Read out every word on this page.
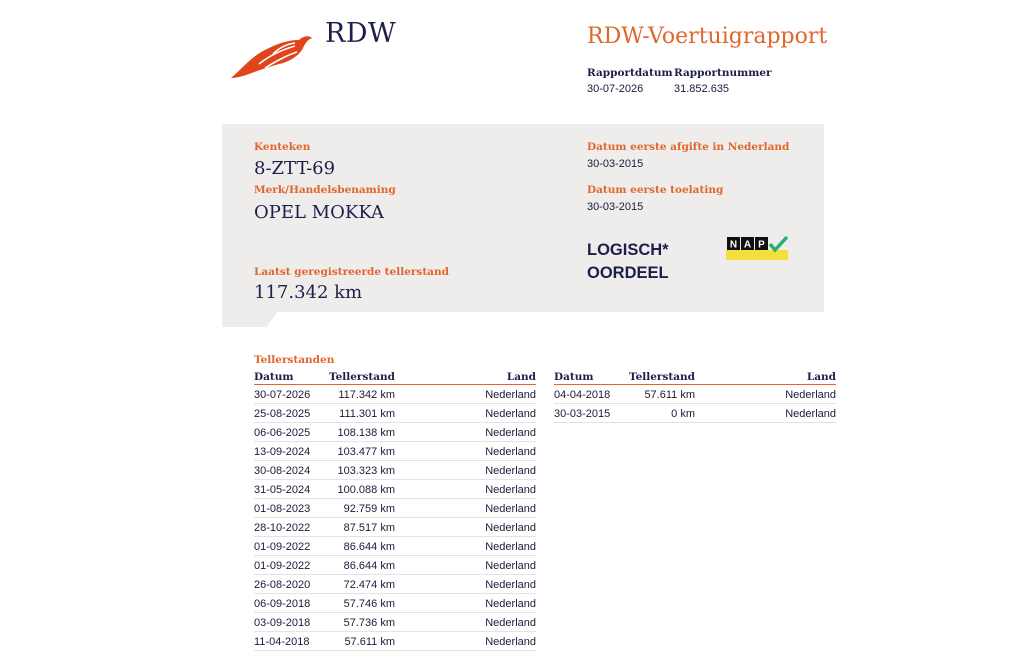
RDW	RDW-Voertuigrapport
Rapportdatum
30-07-2026
Rapportnummer
31.852.635
Kenteken
8-ZTT-69
Merk/Handelsbenaming
OPEL MOKKA
Laatst geregistreerde tellerstand
117.342 km
Datum eerste afgifte in Nederland
30-03-2015
Datum eerste toelating
30-03-2015
LOGISCH*
OORDEEL
N A P
Tellerstanden
Datum	Tellerstand	Land
30-07-2026	117.342 km	Nederland
25-08-2025	111.301 km	Nederland
06-06-2025 108.138 km	Nederland
13-09-2024 103.477 km	Nederland
30-08-2024 103.323 km	Nederland
31-05-2024 100.088 km	Nederland
01-08-2023	92.759 km	Nederland
28-10-2022	87.517 km	Nederland
01-09-2022	86.644 km	Nederland
01-09-2022	86.644 km	Nederland
26-08-2020	72.474 km	Nederland
06-09-2018	57.746 km	Nederland
03-09-2018	57.736 km	Nederland
11-04-2018	57.611 km	Nederland
Datum	Tellerstand	Land
04-04-2018	57.611 km	Nederland
30-03-2015	0 km	Nederland
